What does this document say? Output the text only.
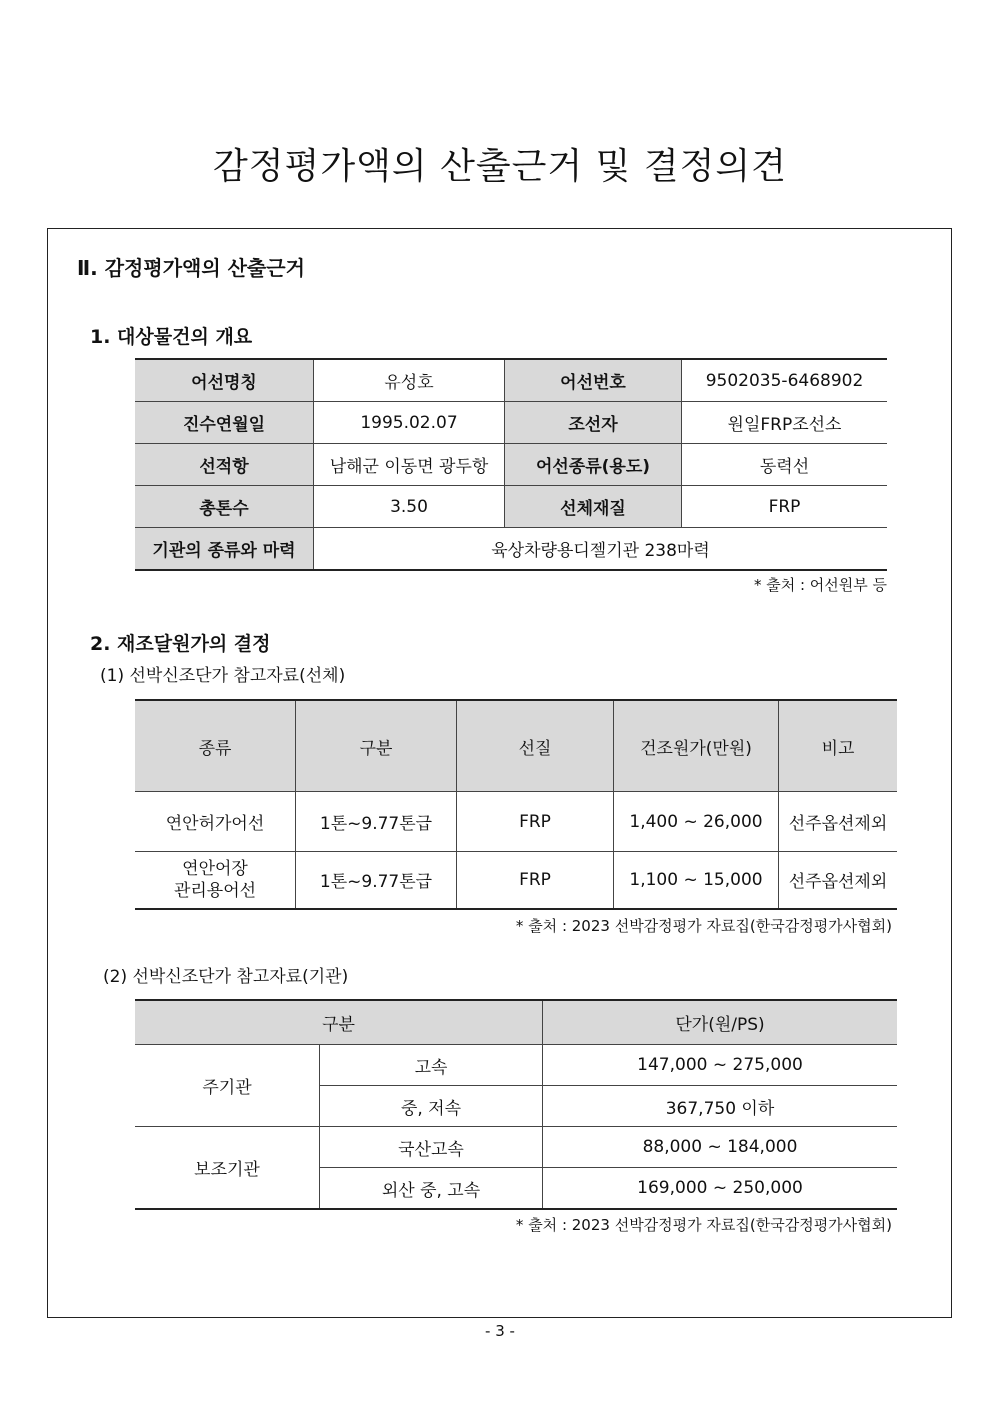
감정평가액의 산출근거 및 결정의견
Ⅱ. 감정평가액의 산출근거
1. 대상물건의 개요
어선명칭	유성호	어선번호	9502035-6468902
진수연월일	1995.02.07	조선자	원일FRP조선소
선적항	남해군 이동면 광두항	어선종류(용도)	동력선
총톤수	3.50	선체재질	FRP
기관의 종류와 마력	육상차량용디젤기관 238마력		
* 출처 : 어선원부 등
2. 재조달원가의 결정
(1) 선박신조단가 참고자료(선체)
종류	구분	선질	건조원가(만원)	비고
연안허가어선	1톤~9.77톤급	FRP	1,400 ~ 26,000	선주옵션제외
연안어장
관리용어선	1톤~9.77톤급	FRP	1,100 ~ 15,000	선주옵션제외
* 출처 : 2023 선박감정평가 자료집(한국감정평가사협회)
(2) 선박신조단가 참고자료(기관)
구분		단가(원/PS)
주기관	고속	147,000 ~ 275,000
	중, 저속	367,750 이하
보조기관	국산고속	88,000 ~ 184,000
	외산 중, 고속	169,000 ~ 250,000
* 출처 : 2023 선박감정평가 자료집(한국감정평가사협회)
- 3 -
